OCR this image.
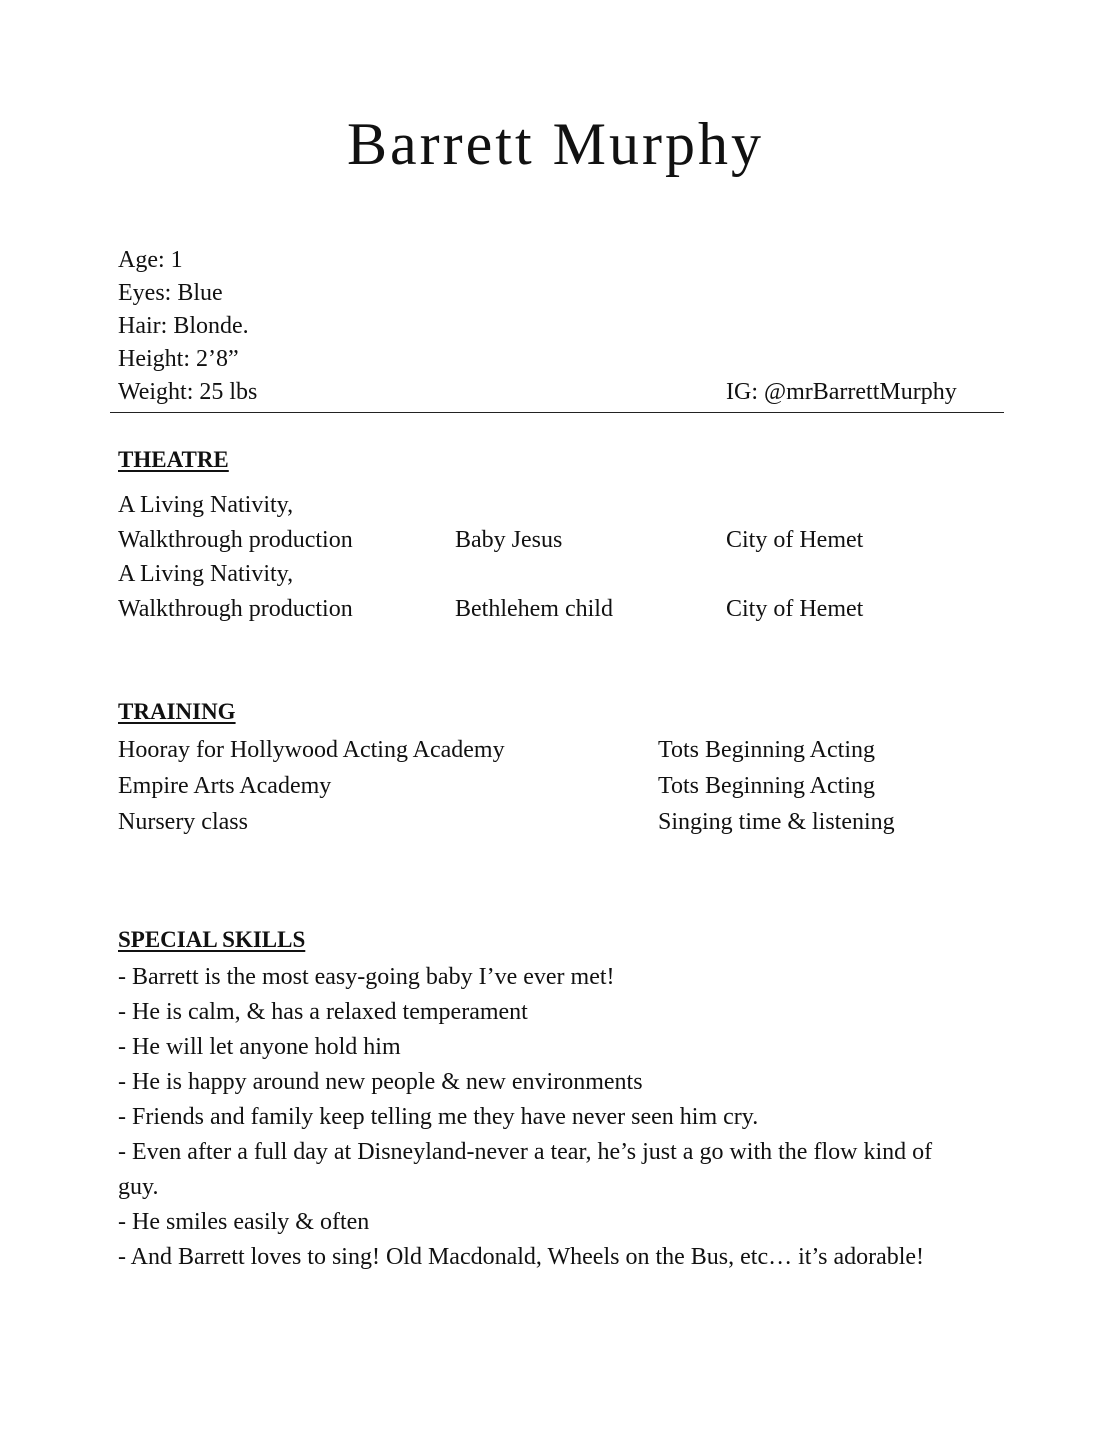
Barrett Murphy
Age: 1
Eyes: Blue
Hair: Blonde.
Height: 2’8”
Weight: 25 lbs	IG: @mrBarrettMurphy
THEATRE
A Living Nativity,
Walkthrough production	Baby Jesus	City of Hemet
A Living Nativity,
Walkthrough production	Bethlehem child	City of Hemet
TRAINING
Hooray for Hollywood Acting Academy	Tots Beginning Acting
Empire Arts Academy	Tots Beginning Acting
Nursery class	Singing time & listening
SPECIAL SKILLS
- Barrett is the most easy-going baby I’ve ever met!
- He is calm, & has a relaxed temperament
- He will let anyone hold him
- He is happy around new people & new environments
- Friends and family keep telling me they have never seen him cry.
- Even after a full day at Disneyland-never a tear, he’s just a go with the flow kind of guy.
- He smiles easily & often
- And Barrett loves to sing! Old Macdonald, Wheels on the Bus, etc… it’s adorable!
